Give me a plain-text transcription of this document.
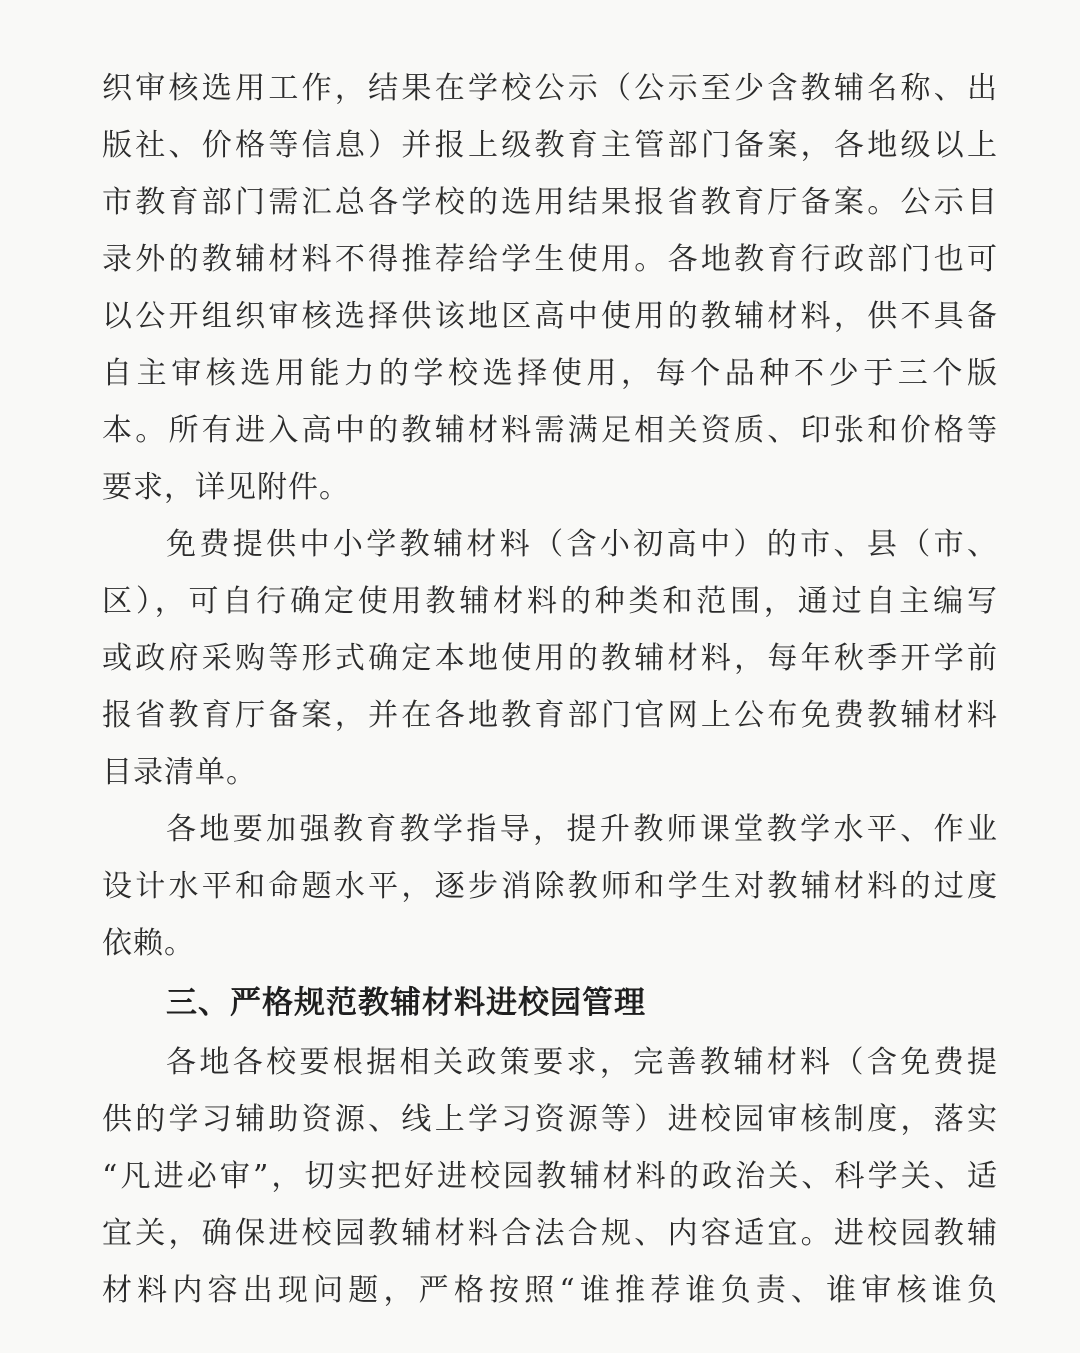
织审核选用工作，结果在学校公示（公示至少含教辅名称、出
版社、价格等信息）并报上级教育主管部门备案，各地级以上
市教育部门需汇总各学校的选用结果报省教育厅备案。公示目
录外的教辅材料不得推荐给学生使用。各地教育行政部门也可
以公开组织审核选择供该地区高中使用的教辅材料，供不具备
自主审核选用能力的学校选择使用，每个品种不少于三个版
本。所有进入高中的教辅材料需满足相关资质、印张和价格等
要求，详见附件。
免费提供中小学教辅材料（含小初高中）的市、县（市、
区），可自行确定使用教辅材料的种类和范围，通过自主编写
或政府采购等形式确定本地使用的教辅材料，每年秋季开学前
报省教育厅备案，并在各地教育部门官网上公布免费教辅材料
目录清单。
各地要加强教育教学指导，提升教师课堂教学水平、作业
设计水平和命题水平，逐步消除教师和学生对教辅材料的过度
依赖。
三、严格规范教辅材料进校园管理
各地各校要根据相关政策要求，完善教辅材料（含免费提
供的学习辅助资源、线上学习资源等）进校园审核制度，落实
“凡进必审”，切实把好进校园教辅材料的政治关、科学关、适
宜关，确保进校园教辅材料合法合规、内容适宜。进校园教辅
材料内容出现问题，严格按照“谁推荐谁负责、谁审核谁负
